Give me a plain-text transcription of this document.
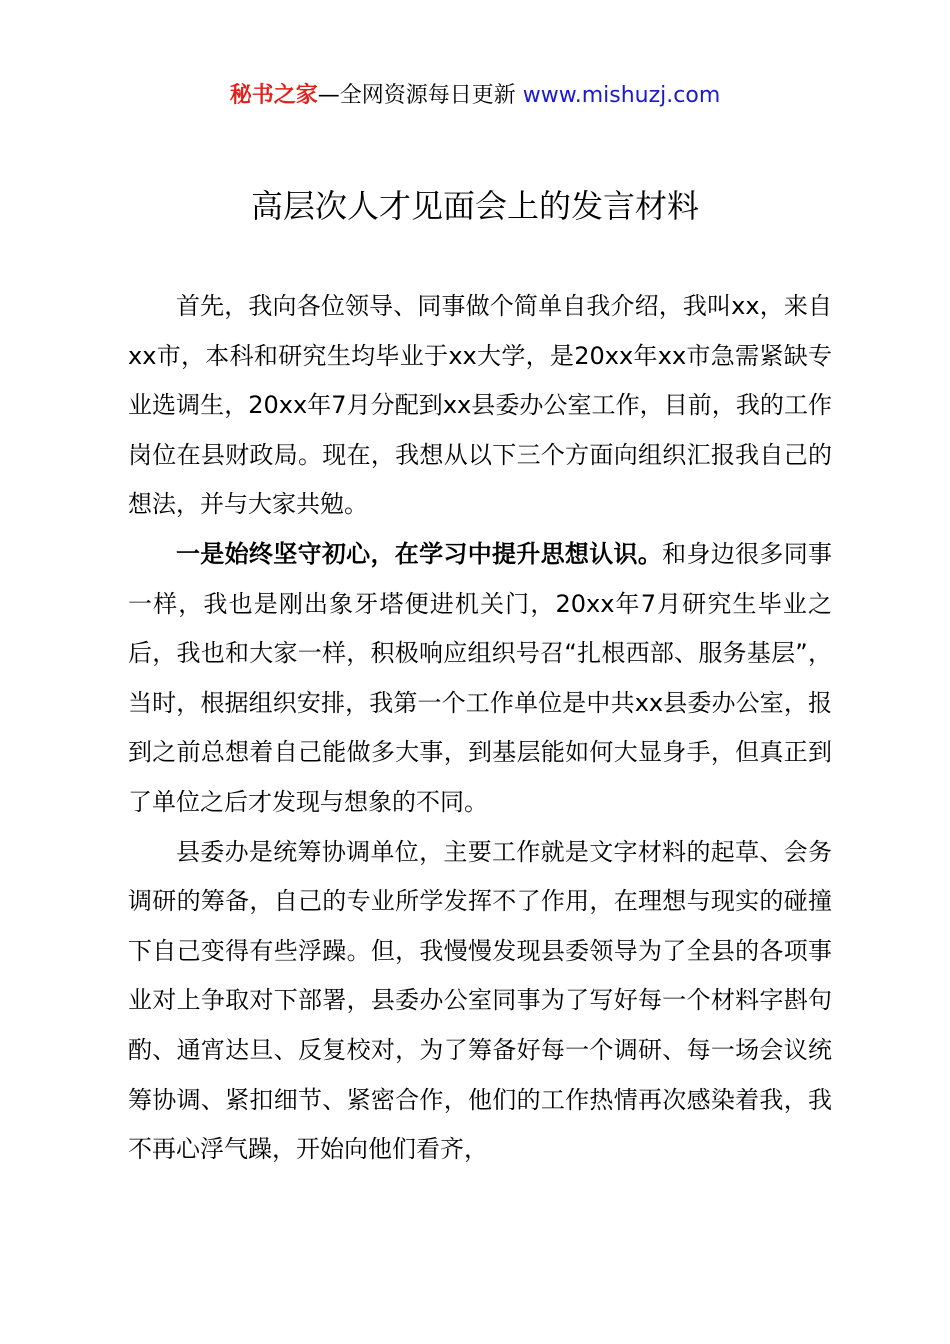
秘书之家—全网资源每日更新 www.mishuzj.com
高层次人才见面会上的发言材料

首先，我向各位领导、同事做个简单自我介绍，我叫xx，来自xx市，本科和研究生均毕业于xx大学，是20xx年xx市急需紧缺专业选调生，20xx年7月分配到xx县委办公室工作，目前，我的工作岗位在县财政局。现在，我想从以下三个方面向组织汇报我自己的想法，并与大家共勉。

一是始终坚守初心，在学习中提升思想认识。和身边很多同事一样，我也是刚出象牙塔便进机关门，20xx年7月研究生毕业之后，我也和大家一样，积极响应组织号召“扎根西部、服务基层”，当时，根据组织安排，我第一个工作单位是中共xx县委办公室，报到之前总想着自己能做多大事，到基层能如何大显身手，但真正到了单位之后才发现与想象的不同。

县委办是统筹协调单位，主要工作就是文字材料的起草、会务调研的筹备，自己的专业所学发挥不了作用，在理想与现实的碰撞下自己变得有些浮躁。但，我慢慢发现县委领导为了全县的各项事业对上争取对下部署，县委办公室同事为了写好每一个材料字斟句酌、通宵达旦、反复校对，为了筹备好每一个调研、每一场会议统筹协调、紧扣细节、紧密合作，他们的工作热情再次感染着我，我不再心浮气躁，开始向他们看齐，
